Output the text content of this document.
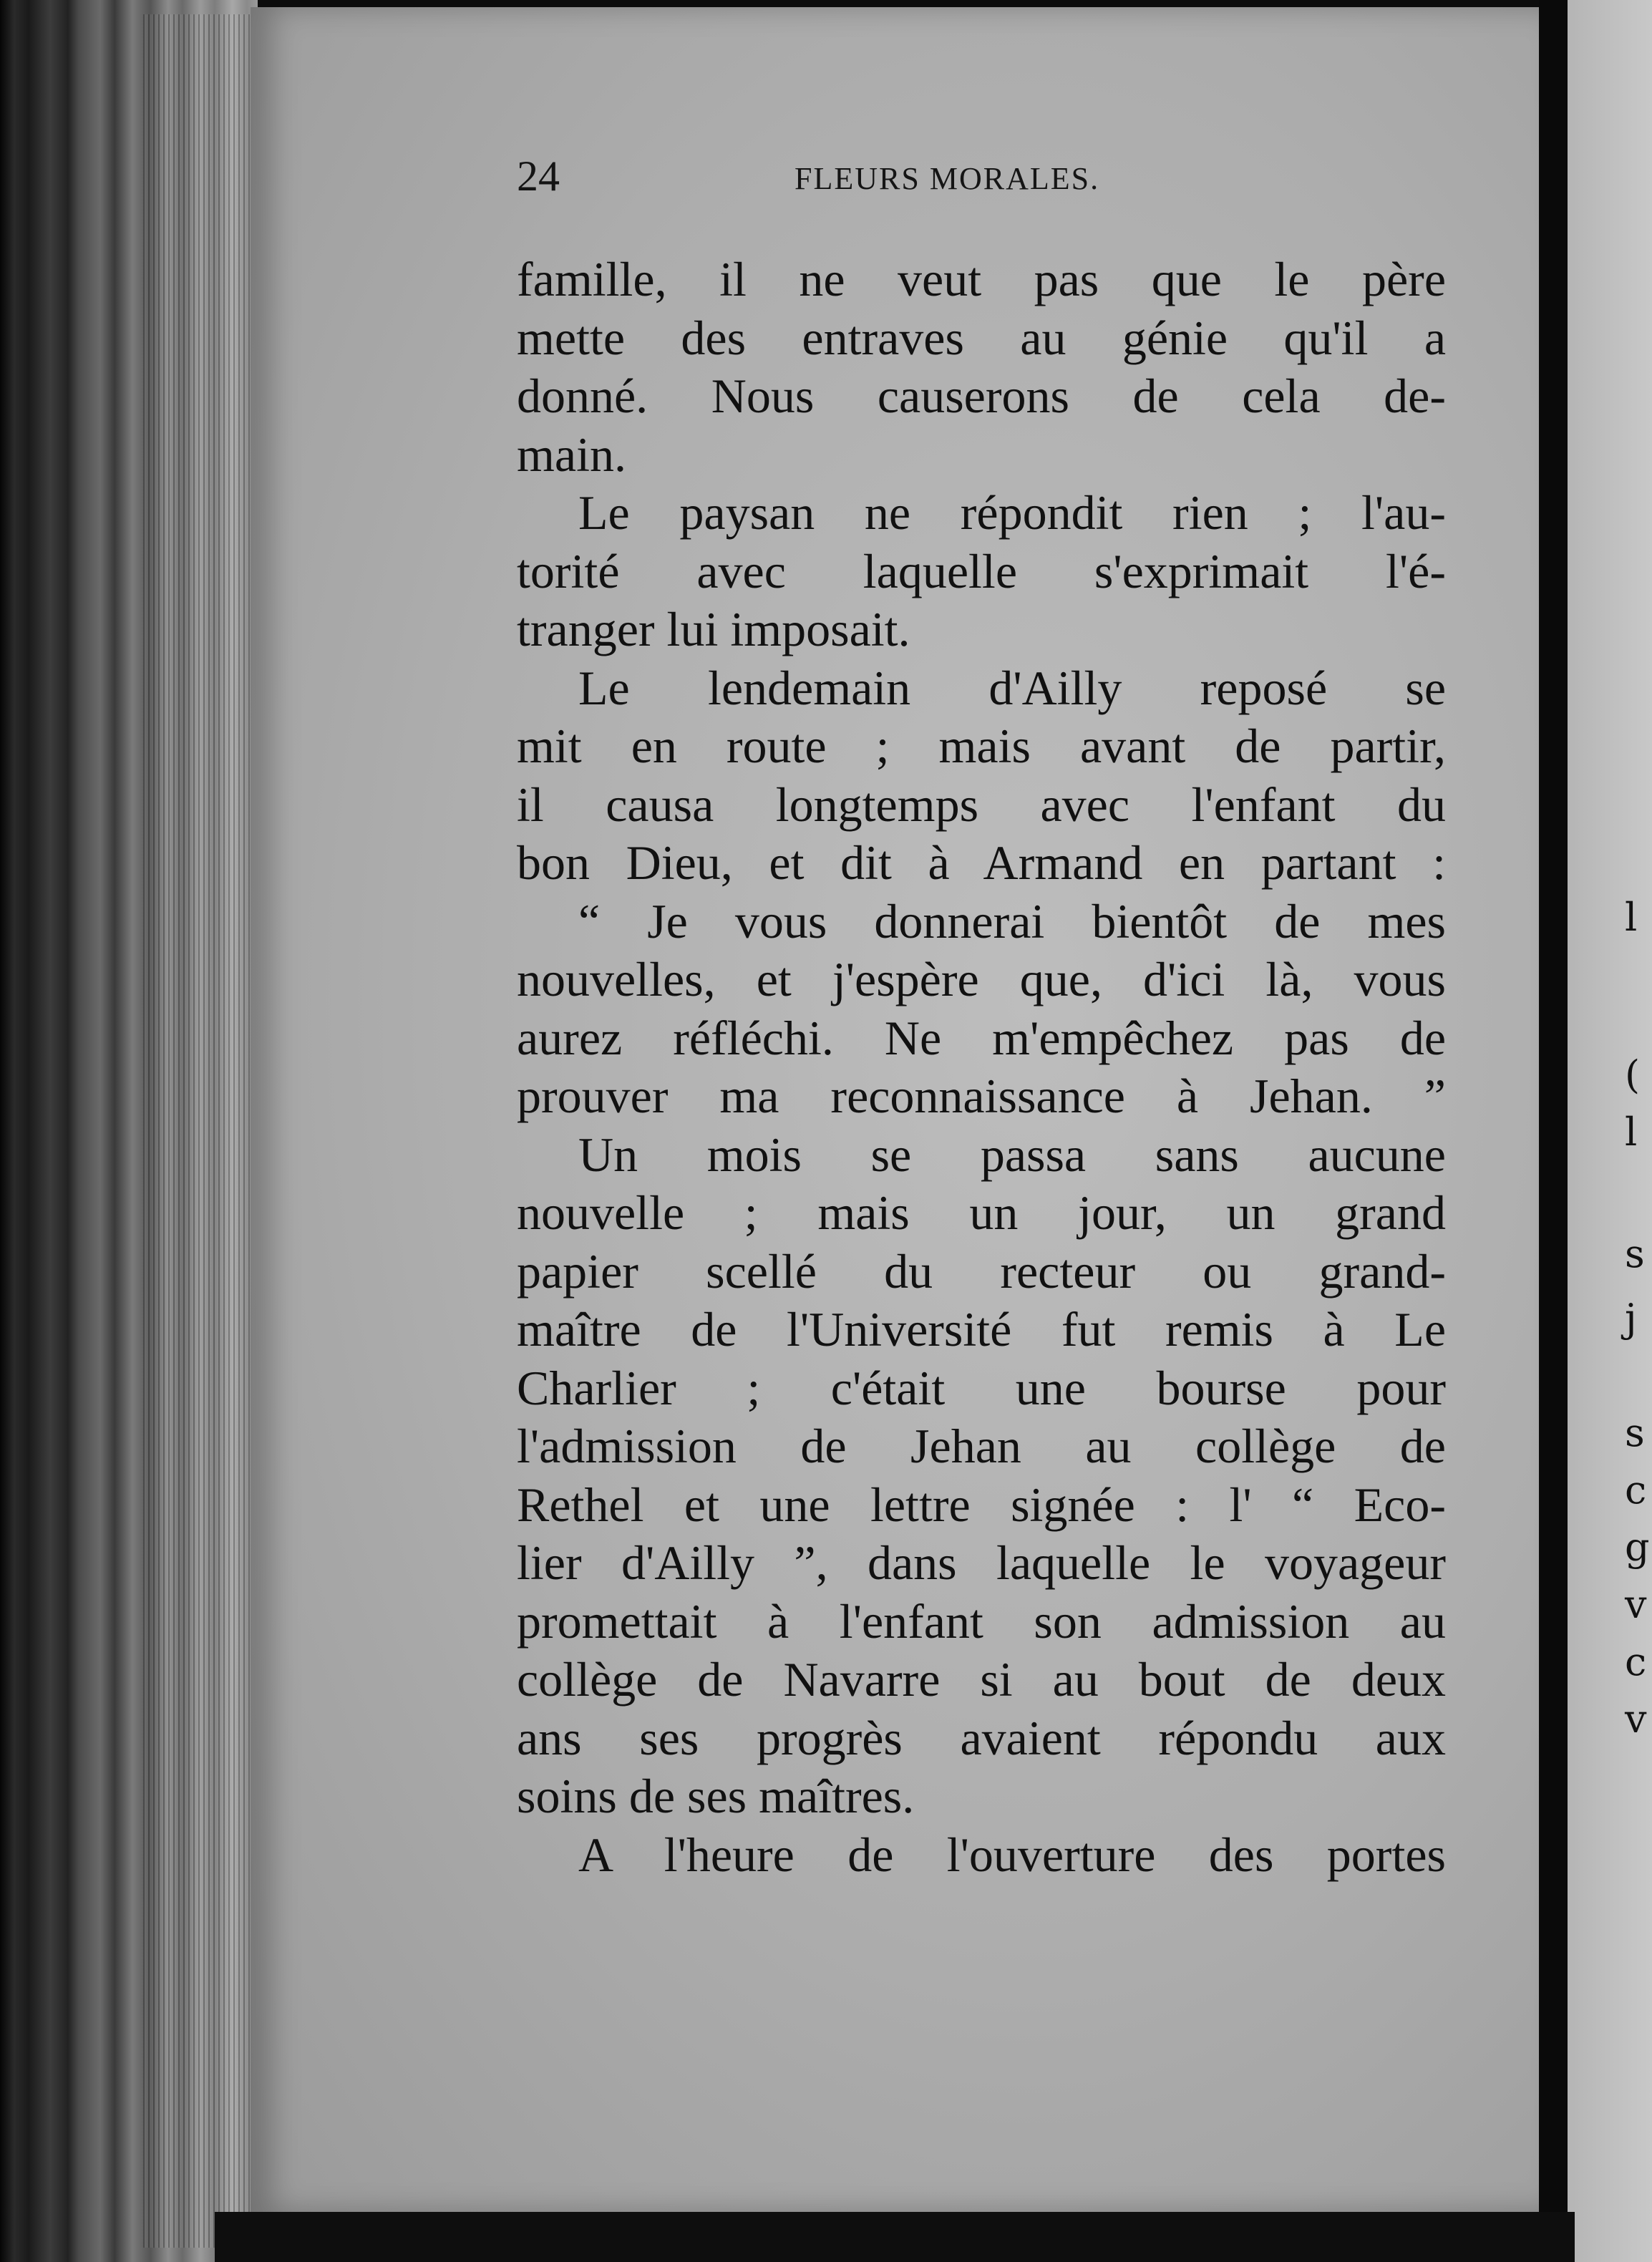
l
(
l
s
j
s
c
g
v
c
v
24	FLEURS MORALES.
famille, il ne veut pas que le père
mette des entraves au génie qu'il a
donné. Nous causerons de cela de-
main.
Le paysan ne répondit rien ; l'au-
torité avec laquelle s'exprimait l'é-
tranger lui imposait.
Le lendemain d'Ailly reposé se
mit en route ; mais avant de partir,
il causa longtemps avec l'enfant du
bon Dieu, et dit à Armand en partant :
“ Je vous donnerai bientôt de mes
nouvelles, et j'espère que, d'ici là, vous
aurez réfléchi. Ne m'empêchez pas de
prouver ma reconnaissance à Jehan. ”
Un mois se passa sans aucune
nouvelle ; mais un jour, un grand
papier scellé du recteur ou grand-
maître de l'Université fut remis à Le
Charlier ; c'était une bourse pour
l'admission de Jehan au collège de
Rethel et une lettre signée : l' “ Eco-
lier d'Ailly ”, dans laquelle le voyageur
promettait à l'enfant son admission au
collège de Navarre si au bout de deux
ans ses progrès avaient répondu aux
soins de ses maîtres.
A l'heure de l'ouverture des portes
